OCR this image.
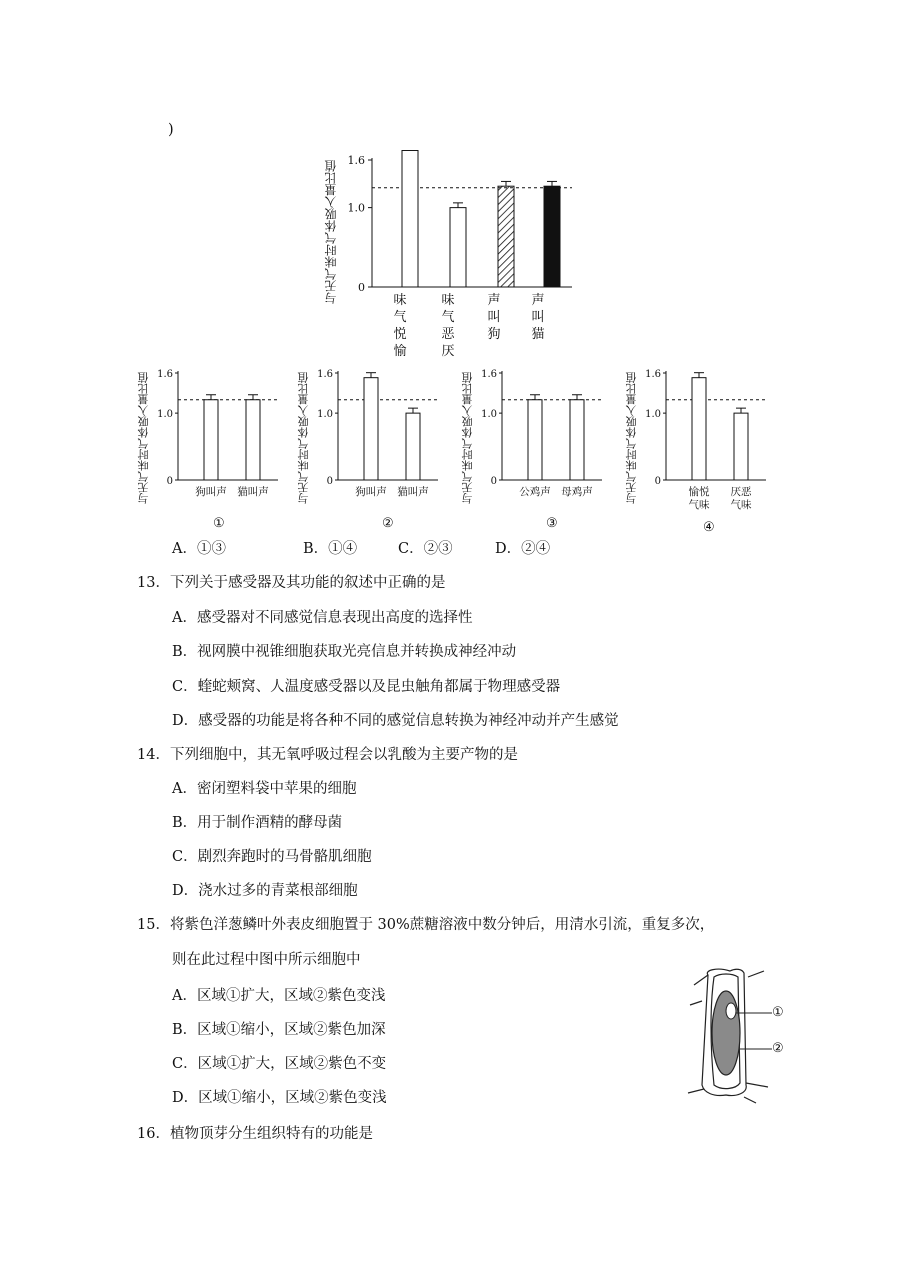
)
与无气味时气体吸入量比值 1.6
1.0
0
味
气
悦
愉
味
气
恶
厌
声
叫
狗
声
叫
猫
与无气味时气体吸入量比值 1.6
1.0
0
狗叫声 猫叫声
①
与无气味时气体吸入量比值 1.6
1.0
0
狗叫声 猫叫声
②
与无气味时气体吸入量比值 1.6
1.0
0
公鸡声 母鸡声
③
与无气味时气体吸入量比值 1.6
1.0
0
愉悦
气味
厌恶
气味
④
A．①③	B．①④	C．②③	D．②④
13．下列关于感受器及其功能的叙述中正确的是
A．感受器对不同感觉信息表现出高度的选择性
B．视网膜中视锥细胞获取光亮信息并转换成神经冲动
C．蝰蛇颊窝、人温度感受器以及昆虫触角都属于物理感受器
D．感受器的功能是将各种不同的感觉信息转换为神经冲动并产生感觉
14．下列细胞中，其无氧呼吸过程会以乳酸为主要产物的是
A．密闭塑料袋中苹果的细胞
B．用于制作酒精的酵母菌
C．剧烈奔跑时的马骨骼肌细胞
D．浇水过多的青菜根部细胞
15．将紫色洋葱鳞叶外表皮细胞置于 30%蔗糖溶液中数分钟后，用清水引流，重复多次，
则在此过程中图中所示细胞中
A．区域①扩大，区域②紫色变浅
B．区域①缩小，区域②紫色加深
C．区域①扩大，区域②紫色不变
D．区域①缩小，区域②紫色变浅
①
②
16．植物顶芽分生组织特有的功能是
